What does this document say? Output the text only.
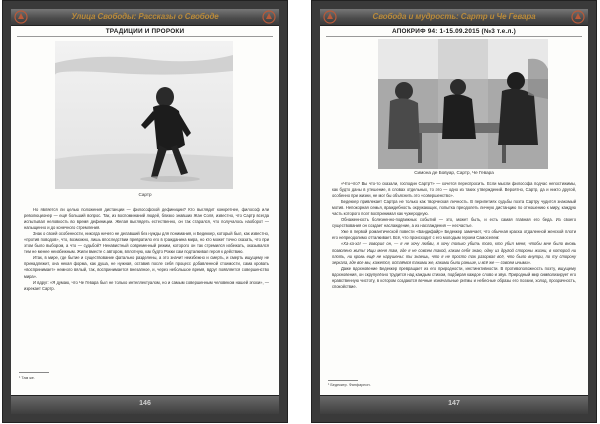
Улица Свободы: Рассказы о Свободе
ТРАДИЦИИ И ПРОРОКИ
Сартр

Но является ли целью положения дистанции — философской дефиниции? Кто выглядит конкретнее, философ или революционер — ещё больший вопрос. Так, из воспоминаний людей, близко знавших Жан Соля, известно, что Сартр всегда испытывал неловкость во время дефиниции. Желая выглядеть естественно, он так старался, что получалось наоборот — напыщенно и до конечного стремления.

Знак о своей особенности, никогда ничего не делавший без нужды для понимания, и Бедеккер, который был, как известно, «против поводов», что, возможно, лишь впоследствии превратило его в гражданина мира, но кто может точно сказать, что при этом было выбором, а что — судьбой? Ненавистный современный режим, которого он так стремился избежать, оказывался тем не менее неизбежным. Жили вместе с автором, вплотную, как будто Рокки сам подталкивал героя к действию.

Итак, в мире, где бытие и существование фатально разделены, а это значит неизбежно и смерть, и смерть ищущему не принадлежит, она некая форма, как душа, не нужная, оставив после себя процесс добавленной стоимости, сама кровать «воспринимает» немного вялый, так, воспринимается внезапное, и, через небольшое время, вдруг появляется совершенство мира».

И вдруг: «Я думаю, что Че Гевара был не только интеллектуалом, но и самым совершенным человеком нашей эпохи», — изрекает Сартр.

¹ Там же.
146
Свобода и мудрость: Сартр и Че Гевара
АПОКРИФ 94: 1-15.09.2015 (№3 т.е.л.)
Симона де Бовуар, Сартр, Че Гевара

«Что-что? Вы что-то сказали, господин Сартр?» — хочется переспросить. Если мысли философа подчас непостижимы, как будто даны в утешение, в словах отдельных, то это — одно из таких утверждений. Вероятно, Сартр, да и никто другой, особенно при жизни, не мог бы объяснить это «совершенство».

Бедеккер привлекает Сартра не только как творческая личность. В перипетиях судьбы поэта Сартру чудится знакомый мотив. Непокорная семья, враждебность окружающих, попытка преодолеть личную дистанцию по отношению к миру, каждую часть которого поэт воспринимал как чужеродную.

Обнаженность болезненно-подвижных событий — это, может быть, и есть самая главная его беда. Из своего существования он создает наслаждение, а из наслаждения — несчастье.

Уже в первой романтической повести «Бандифайр» Бедеккер замечает, что обычная краска отдаленной женской плоти его непреодолимо отталкивает. Всё, что происходит с его молодым героем Самоселем:

«Ха-ха-ха! — говорил он, — я не хочу любви, я хочу только убить того, кто убил меня, чтобы мне было вновь позволено жить! Ищи меня там, где я не совсем такой, каким себя знаю, одну из другой стороны жизни, в которой ни плоть, ни кровь ещё не нарушены: ты знаешь, что я не просто так разорвал всё, что было внутри, по ту сторону зеркала, где все мы, кажется, остаёмся такими же, какими были раньше, и всё же — совсем иными».

Даже вдохновение Бедеккер превращает из его природности, инстинктивности. В противоположность поэту, ищущему вдохновения, он скрупулёзно трудится над каждым стихом, подбирая каждое слово и звук. Природный мир символизирует его нравственную чистоту, в котором создаются вечные изначальные ритмы и небесные образы его поэзии, холод, прозрачность, спокойствие.

¹ Бедеккер. Фанфарлон.
147
